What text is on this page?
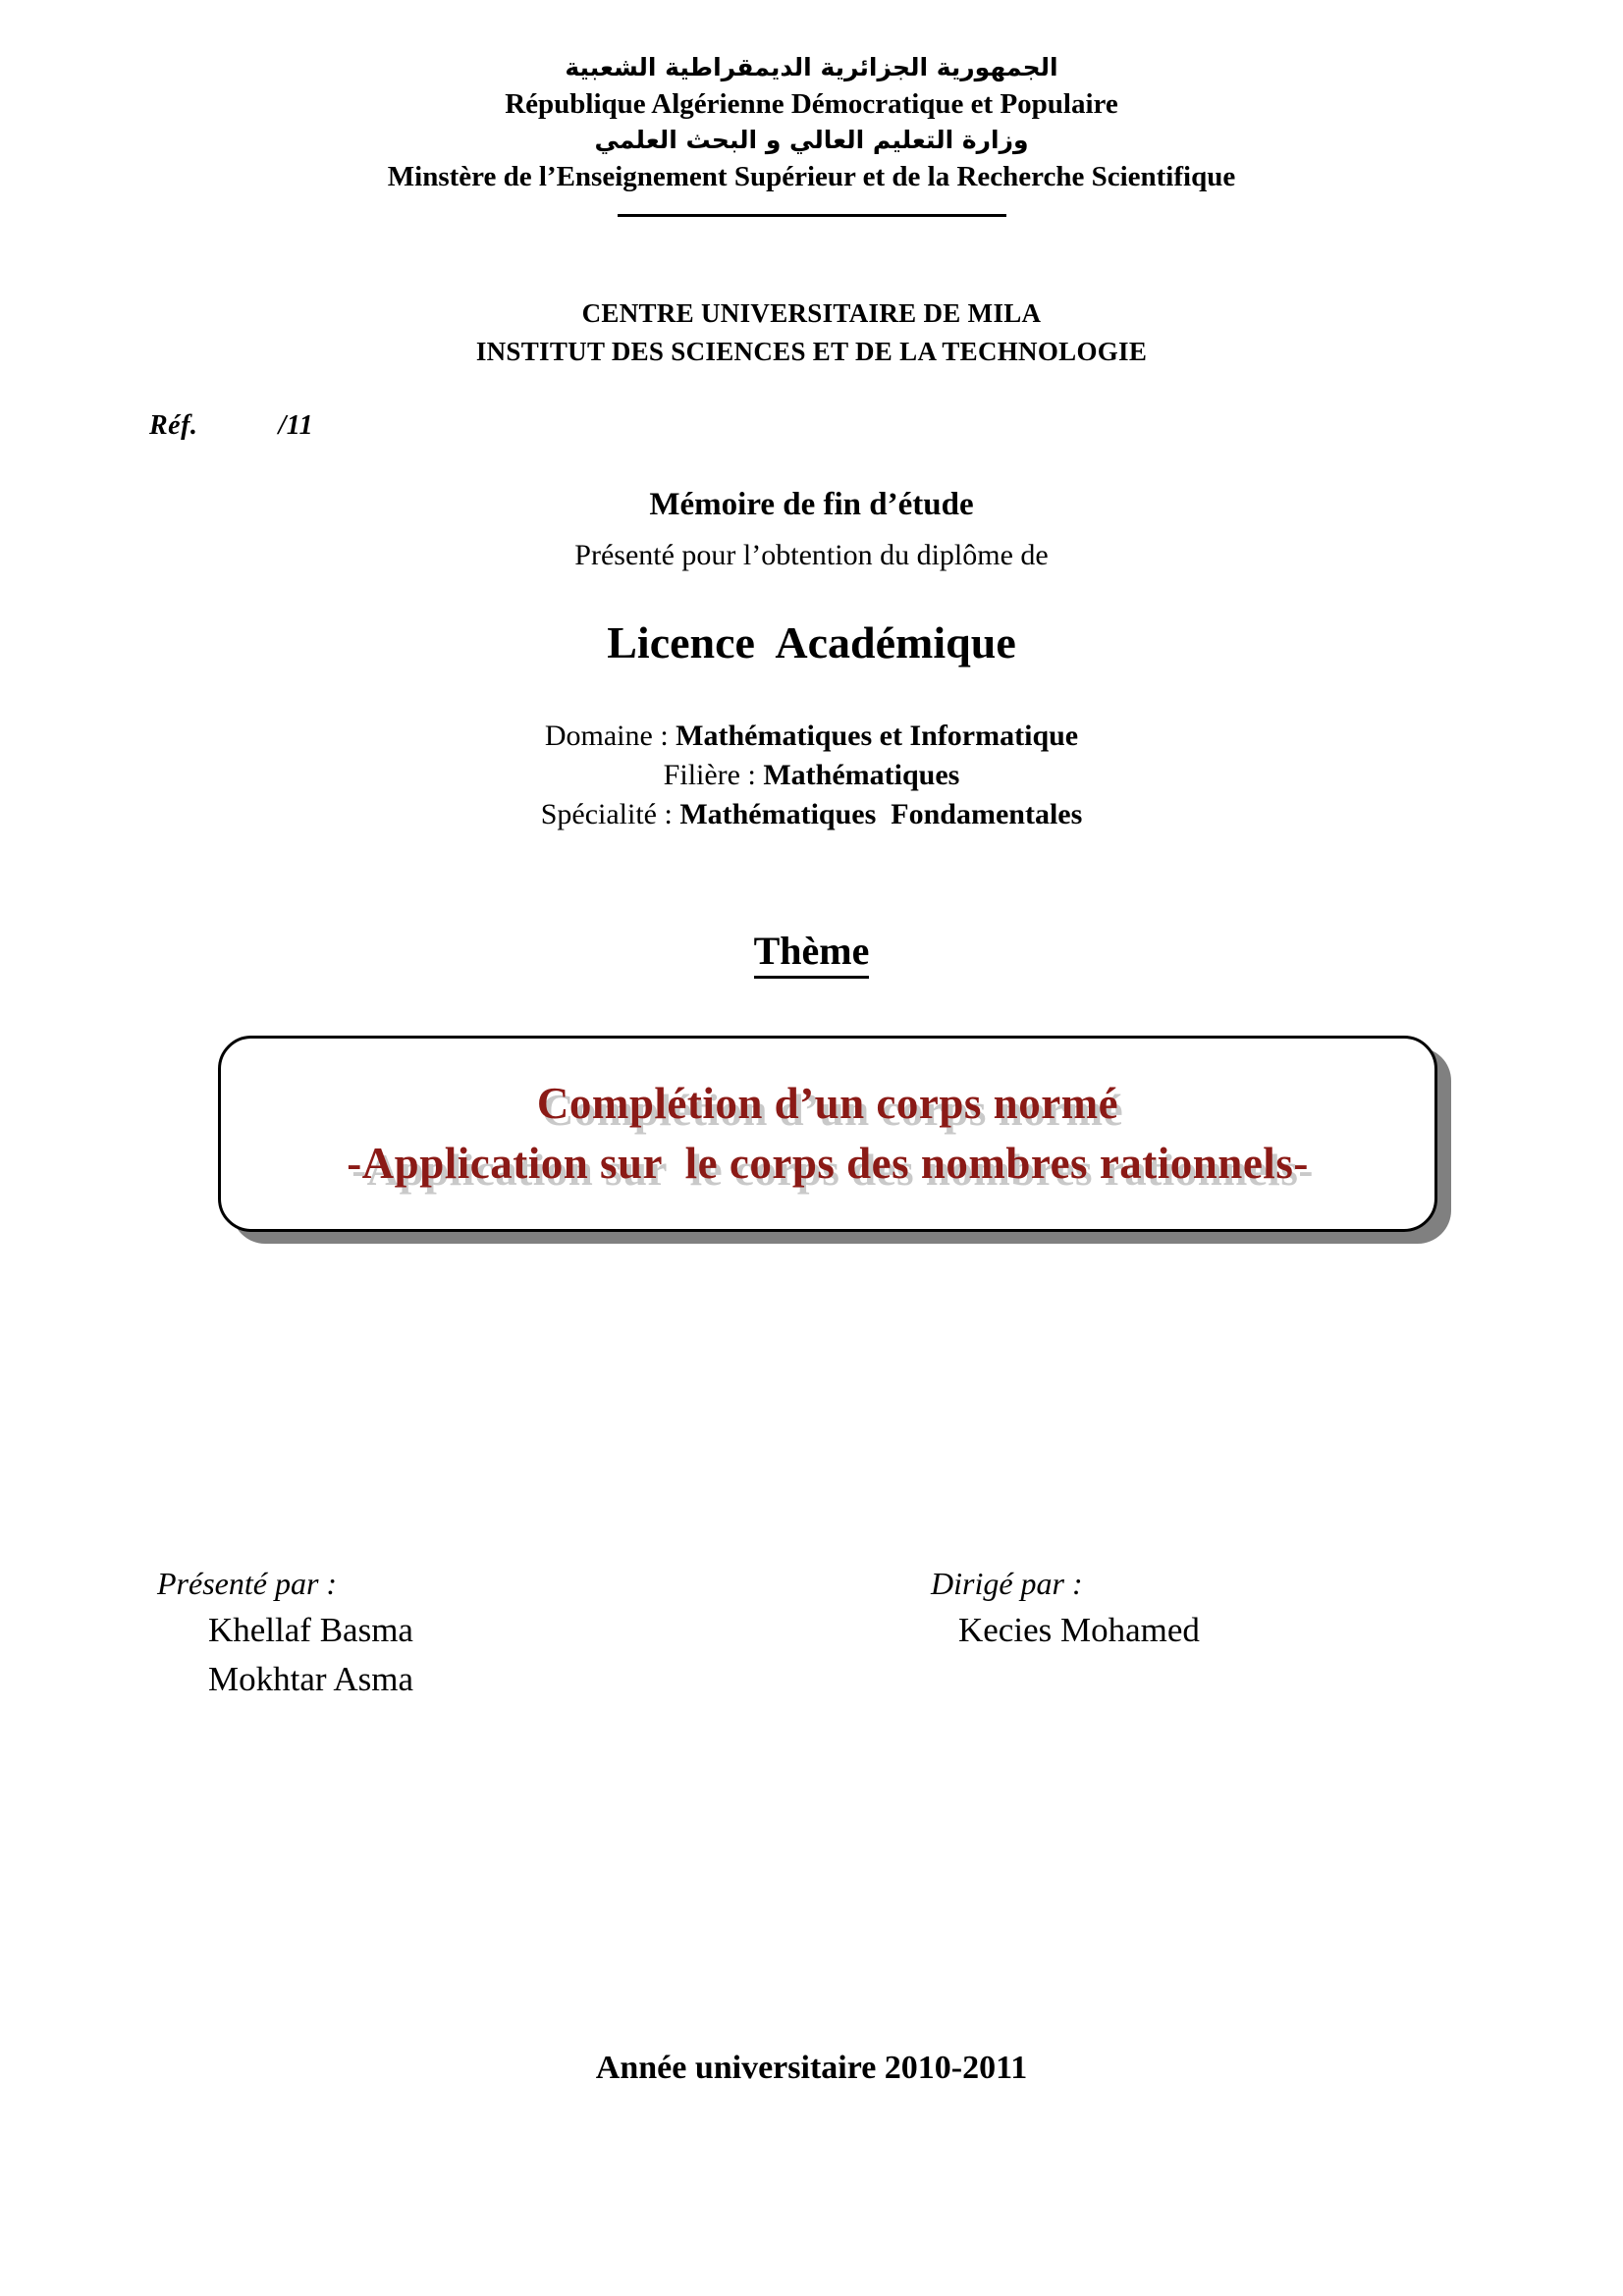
الجمهورية الجزائرية الديمقراطية الشعبية
République Algérienne Démocratique et Populaire
وزارة التعليم العالي و البحث العلمي
Minstère de l’Enseignement Supérieur et de la Recherche Scientifique
CENTRE UNIVERSITAIRE DE MILA
INSTITUT DES SCIENCES ET DE LA TECHNOLOGIE
Réf.	/11
Mémoire de fin d’étude
Présenté pour l’obtention du diplôme de
Licence  Académique
Domaine : Mathématiques et Informatique
Filière : Mathématiques
Spécialité : Mathématiques  Fondamentales
Thème
Complétion d’un corps normé
-Application sur  le corps des nombres rationnels-
Présenté par :
Khellaf Basma
Mokhtar Asma
Dirigé par :
Kecies Mohamed
Année universitaire 2010-2011
